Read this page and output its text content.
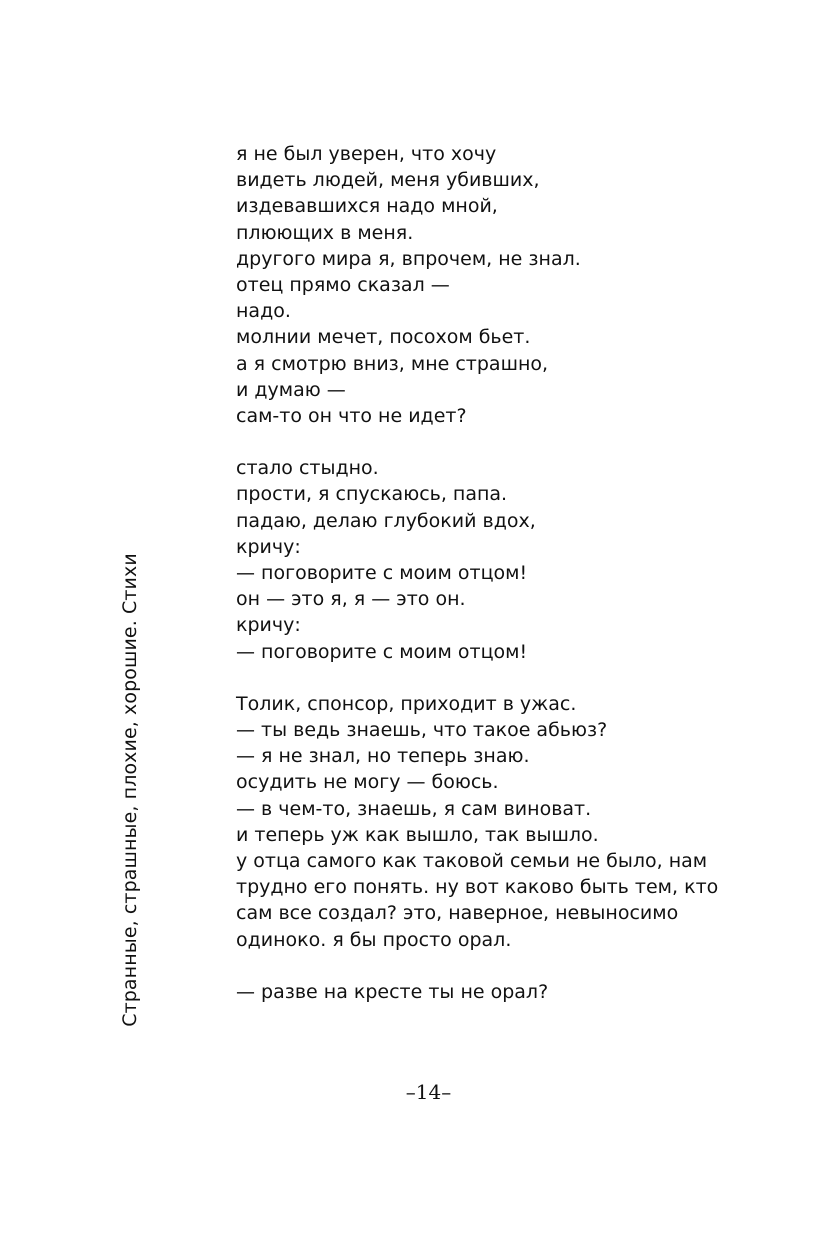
Странные, страшные, плохие, хорошие. Стихи
я не был уверен, что хочу
видеть людей, меня убивших,
издевавшихся надо мной,
плюющих в меня.
другого мира я, впрочем, не знал.
отец прямо сказал —
надо.
молнии мечет, посохом бьет.
а я смотрю вниз, мне страшно,
и думаю —
сам-то он что не идет?
стало стыдно.
прости, я спускаюсь, папа.
падаю, делаю глубокий вдох,
кричу:
— поговорите с моим отцом!
он — это я, я — это он.
кричу:
— поговорите с моим отцом!
Толик, спонсор, приходит в ужас.
— ты ведь знаешь, что такое абьюз?
— я не знал, но теперь знаю.
осудить не могу — боюсь.
— в чем-то, знаешь, я сам виноват.
и теперь уж как вышло, так вышло.
у отца самого как таковой семьи не было, нам
трудно его понять. ну вот каково быть тем, кто
сам все создал? это, наверное, невыносимо
одиноко. я бы просто орал.
— разве на кресте ты не орал?
–14–
